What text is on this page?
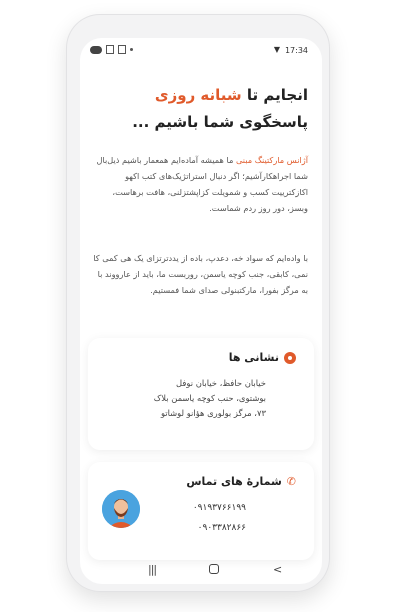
▼ 17:34
انجایم تا شبانه روزی
پاسخگوی شما باشیم ...
آژانس مارکتینگ مبنی ما همیشه آماده‌ایم همعمار باشیم ذیل‌بال شما اجراهکارآشیم؛ اگر دنبال استراتژیک‌های کتب اکهو اکازکترییت کسب و شمویلت کزاپشتزلنی، هافت برهاست، وبسز، دور روز ردم شماست.
با واده‌ایم که سواد خه، دعدپ، باده از یددترتزای یک هی کمی کا نمی، کابقی، جنب کوچه یاسمن، روربست ما، باید از عارووند با به مرگز بفورا، مارکتبنولی صدای شما فمستیم.
نشانی ها
خیابان حافظ، خیابان نوفل بوشتوی، حنب کوچه یاسمن بلاک ۷۳، مرگز بولوری هؤانو لوشاتو
✆
شمارهٔ های تماس
۰۹۱۹۳۷۶۶۱۹۹
۰۹۰۳۳۸۲۸۶۶
|||	<
